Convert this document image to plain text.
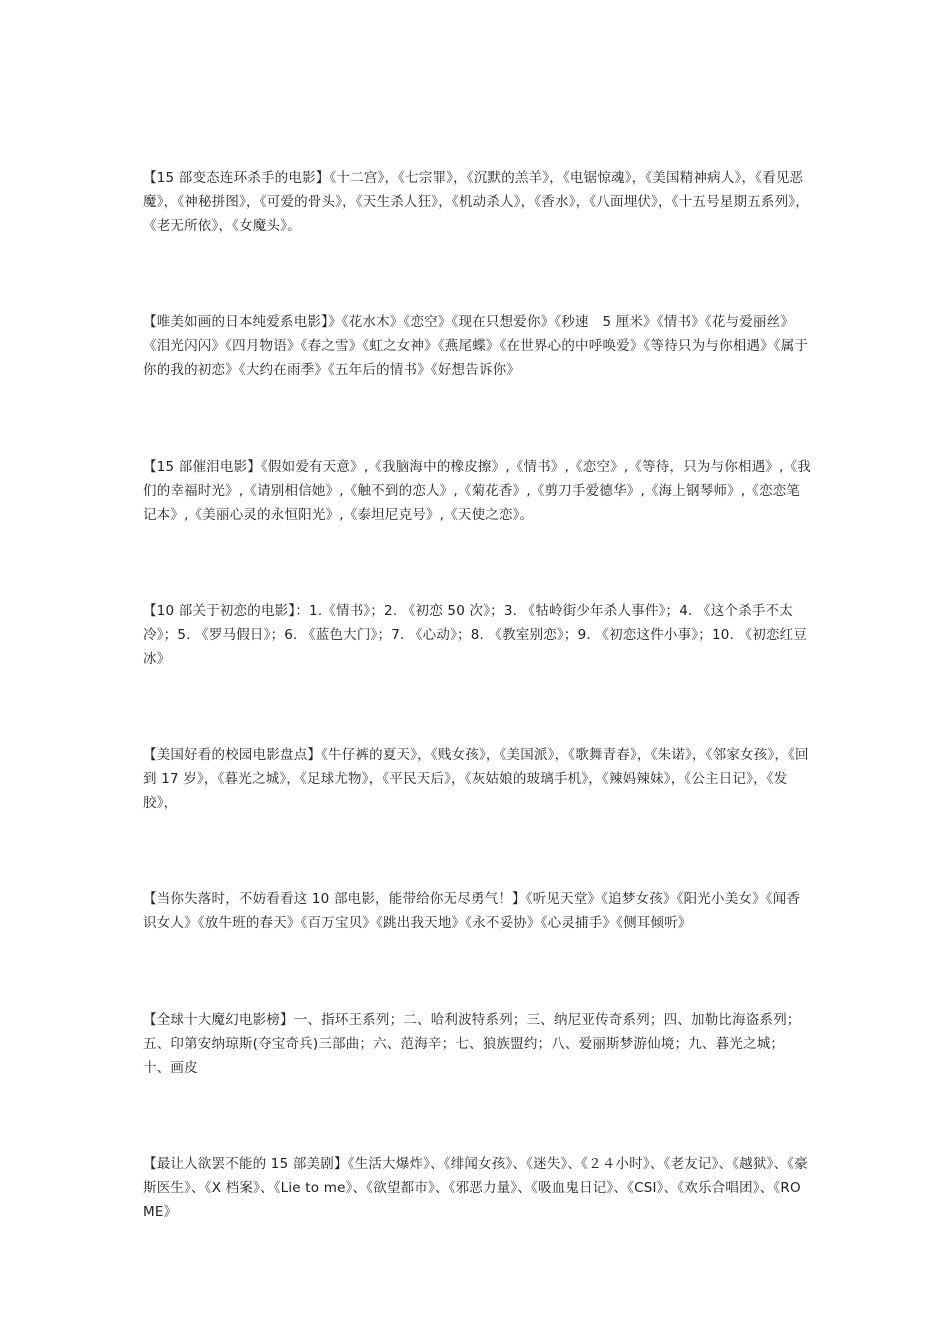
【15 部变态连环杀手的电影】《十二宫》，《七宗罪》，《沉默的羔羊》，《电锯惊魂》，《美国精神病人》，《看见恶魔》，《神秘拼图》，《可爱的骨头》，《天生杀人狂》，《机动杀人》，《香水》，《八面埋伏》，《十五号星期五系列》，《老无所依》，《女魔头》。

【唯美如画的日本纯爱系电影】》《花水木》《恋空》《现在只想爱你》《秒速　5 厘米》《情书》《花与爱丽丝》《泪光闪闪》《四月物语》《春之雪》《虹之女神》《燕尾蝶》《在世界心的中呼唤爱》《等待只为与你相遇》《属于你的我的初恋》《大约在雨季》《五年后的情书》《好想告诉你》

【15 部催泪电影】《假如爱有天意》,《我脑海中的橡皮擦》,《情书》,《恋空》,《等待，只为与你相遇》,《我们的幸福时光》,《请别相信她》,《触不到的恋人》,《菊花香》,《剪刀手爱德华》,《海上钢琴师》,《恋恋笔记本》,《美丽心灵的永恒阳光》,《泰坦尼克号》,《天使之恋》。

【10 部关于初恋的电影】：1.《情书》；2. 《初恋 50 次》；3. 《牯岭街少年杀人事件》；4. 《这个杀手不太冷》；5. 《罗马假日》；6. 《蓝色大门》；7. 《心动》；8. 《教室别恋》；9. 《初恋这件小事》；10. 《初恋红豆冰》

【美国好看的校园电影盘点】《牛仔裤的夏天》，《贱女孩》，《美国派》，《歌舞青春》，《朱诺》，《邻家女孩》，《回到 17 岁》，《暮光之城》，《足球尤物》，《平民天后》，《灰姑娘的玻璃手机》，《辣妈辣妹》，《公主日记》，《发胶》，

【当你失落时，不妨看看这 10 部电影，能带给你无尽勇气！】《听见天堂》《追梦女孩》《阳光小美女》《闻香识女人》《放牛班的春天》《百万宝贝》《跳出我天地》《永不妥协》《心灵捕手》《侧耳倾听》

【全球十大魔幻电影榜】一、指环王系列；二、哈利波特系列；三、纳尼亚传奇系列；四、加勒比海盗系列；五、印第安纳琼斯(夺宝奇兵)三部曲；六、范海辛；七、狼族盟约；八、爱丽斯梦游仙境；九、暮光之城；十、画皮

【最让人欲罢不能的 15 部美剧】《生活大爆炸》、《绯闻女孩》、《迷失》、《２４小时》、《老友记》、《越狱》、《豪斯医生》、《X 档案》、《Lie to me》、《欲望都市》、《邪恶力量》、《吸血鬼日记》、《CSI》、《欢乐合唱团》、《ROME》
